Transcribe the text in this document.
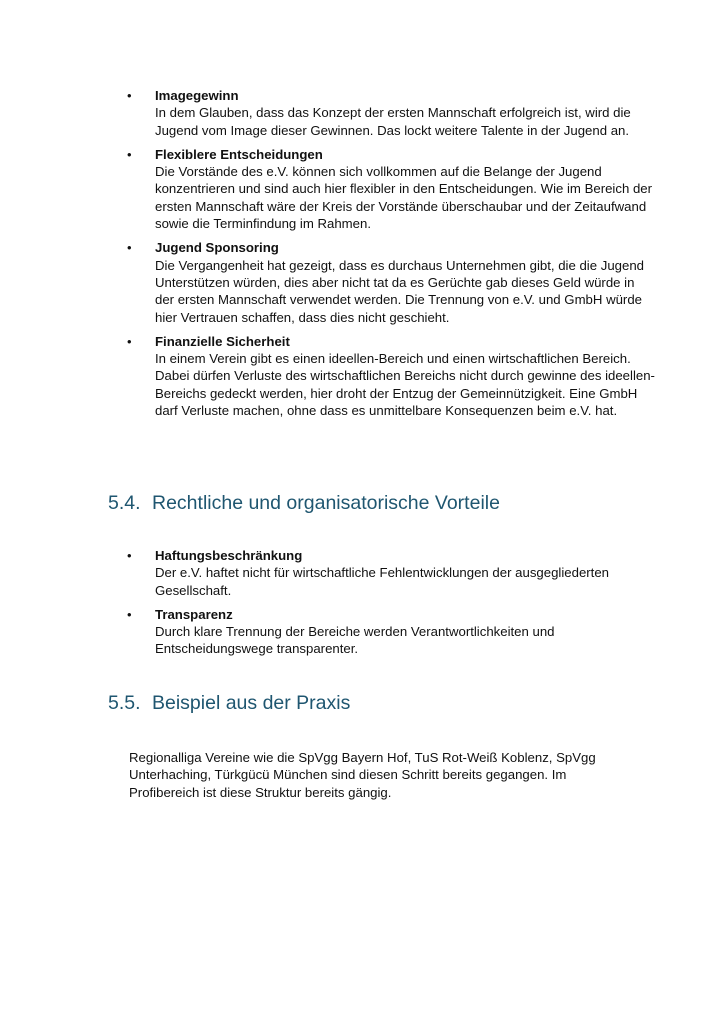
• Imagegewinn
In dem Glauben, dass das Konzept der ersten Mannschaft erfolgreich ist, wird die Jugend vom Image dieser Gewinnen. Das lockt weitere Talente in der Jugend an.
• Flexiblere Entscheidungen
Die Vorstände des e.V. können sich vollkommen auf die Belange der Jugend konzentrieren und sind auch hier flexibler in den Entscheidungen. Wie im Bereich der ersten Mannschaft wäre der Kreis der Vorstände überschaubar und der Zeitaufwand sowie die Terminfindung im Rahmen.
• Jugend Sponsoring
Die Vergangenheit hat gezeigt, dass es durchaus Unternehmen gibt, die die Jugend Unterstützen würden, dies aber nicht tat da es Gerüchte gab dieses Geld würde in der ersten Mannschaft verwendet werden. Die Trennung von e.V. und GmbH würde hier Vertrauen schaffen, dass dies nicht geschieht.
• Finanzielle Sicherheit
In einem Verein gibt es einen ideellen-Bereich und einen wirtschaftlichen Bereich. Dabei dürfen Verluste des wirtschaftlichen Bereichs nicht durch gewinne des ideellen-Bereichs gedeckt werden, hier droht der Entzug der Gemeinnützigkeit. Eine GmbH darf Verluste machen, ohne dass es unmittelbare Konsequenzen beim e.V. hat.
5.4. Rechtliche und organisatorische Vorteile
• Haftungsbeschränkung
Der e.V. haftet nicht für wirtschaftliche Fehlentwicklungen der ausgegliederten Gesellschaft.
• Transparenz
Durch klare Trennung der Bereiche werden Verantwortlichkeiten und Entscheidungswege transparenter.
5.5. Beispiel aus der Praxis

Regionalliga Vereine wie die SpVgg Bayern Hof, TuS Rot-Weiß Koblenz, SpVgg Unterhaching, Türkgücü München sind diesen Schritt bereits gegangen. Im Profibereich ist diese Struktur bereits gängig.
